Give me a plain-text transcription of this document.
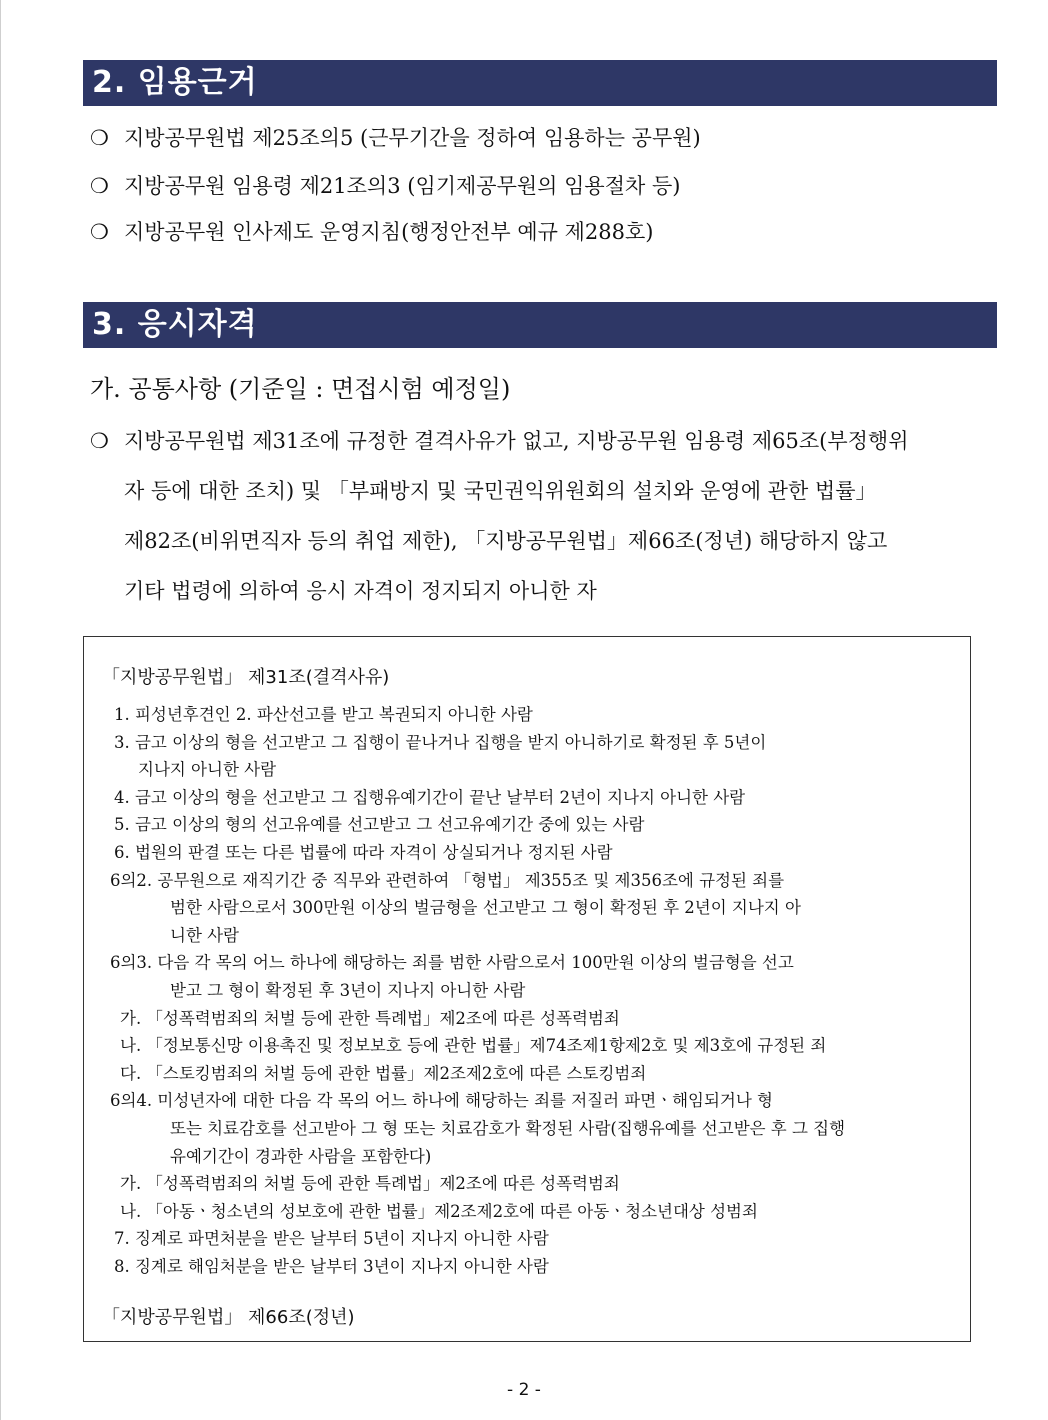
2. 임용근거
❍ 지방공무원법 제25조의5 (근무기간을 정하여 임용하는 공무원)
❍ 지방공무원 임용령 제21조의3 (임기제공무원의 임용절차 등)
❍ 지방공무원 인사제도 운영지침(행정안전부 예규 제288호)
3. 응시자격
가. 공통사항 (기준일 : 면접시험 예정일)
❍ 지방공무원법 제31조에 규정한 결격사유가 없고, 지방공무원 임용령 제65조(부정행위
자 등에 대한 조치) 및 「부패방지 및 국민권익위원회의 설치와 운영에 관한 법률」
제82조(비위면직자 등의 취업 제한), 「지방공무원법」제66조(정년) 해당하지 않고
기타 법령에 의하여 응시 자격이 정지되지 아니한 자
「지방공무원법」 제31조(결격사유)
1. 피성년후견인 2. 파산선고를 받고 복권되지 아니한 사람
3. 금고 이상의 형을 선고받고 그 집행이 끝나거나 집행을 받지 아니하기로 확정된 후 5년이
지나지 아니한 사람
4. 금고 이상의 형을 선고받고 그 집행유예기간이 끝난 날부터 2년이 지나지 아니한 사람
5. 금고 이상의 형의 선고유예를 선고받고 그 선고유예기간 중에 있는 사람
6. 법원의 판결 또는 다른 법률에 따라 자격이 상실되거나 정지된 사람
6의2. 공무원으로 재직기간 중 직무와 관련하여 「형법」 제355조 및 제356조에 규정된 죄를
범한 사람으로서 300만원 이상의 벌금형을 선고받고 그 형이 확정된 후 2년이 지나지 아
니한 사람
6의3. 다음 각 목의 어느 하나에 해당하는 죄를 범한 사람으로서 100만원 이상의 벌금형을 선고
받고 그 형이 확정된 후 3년이 지나지 아니한 사람
가. 「성폭력범죄의 처벌 등에 관한 특례법」제2조에 따른 성폭력범죄
나. 「정보통신망 이용촉진 및 정보보호 등에 관한 법률」제74조제1항제2호 및 제3호에 규정된 죄
다. 「스토킹범죄의 처벌 등에 관한 법률」제2조제2호에 따른 스토킹범죄
6의4. 미성년자에 대한 다음 각 목의 어느 하나에 해당하는 죄를 저질러 파면ㆍ해임되거나 형
또는 치료감호를 선고받아 그 형 또는 치료감호가 확정된 사람(집행유예를 선고받은 후 그 집행
유예기간이 경과한 사람을 포함한다)
가. 「성폭력범죄의 처벌 등에 관한 특례법」제2조에 따른 성폭력범죄
나. 「아동ㆍ청소년의 성보호에 관한 법률」제2조제2호에 따른 아동ㆍ청소년대상 성범죄
7. 징계로 파면처분을 받은 날부터 5년이 지나지 아니한 사람
8. 징계로 해임처분을 받은 날부터 3년이 지나지 아니한 사람
「지방공무원법」 제66조(정년)
- 2 -
